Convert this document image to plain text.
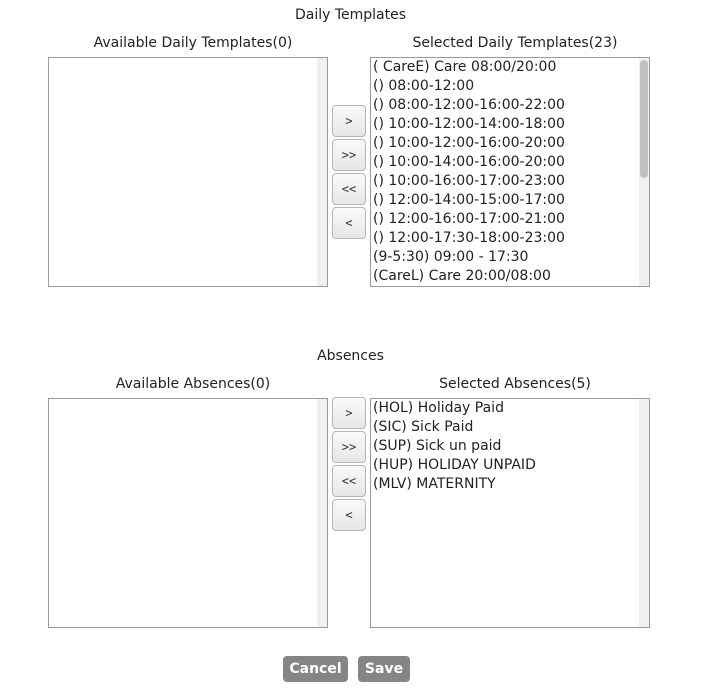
Daily Templates
Available Daily Templates(0)	Selected Daily Templates(23)
( CareE) Care 08:00/20:00
() 08:00-12:00
() 08:00-12:00-16:00-22:00
() 10:00-12:00-14:00-18:00
() 10:00-12:00-16:00-20:00
() 10:00-14:00-16:00-20:00
() 10:00-16:00-17:00-23:00
() 12:00-14:00-15:00-17:00
() 12:00-16:00-17:00-21:00
() 12:00-17:30-18:00-23:00
(9-5:30) 09:00 - 17:30
(CareL) Care 20:00/08:00
>
>>
<<
<
Absences
Available Absences(0)	Selected Absences(5)
(HOL) Holiday Paid
(SIC) Sick Paid
(SUP) Sick un paid
(HUP) HOLIDAY UNPAID
(MLV) MATERNITY
>
>>
<<
<
Cancel	Save
